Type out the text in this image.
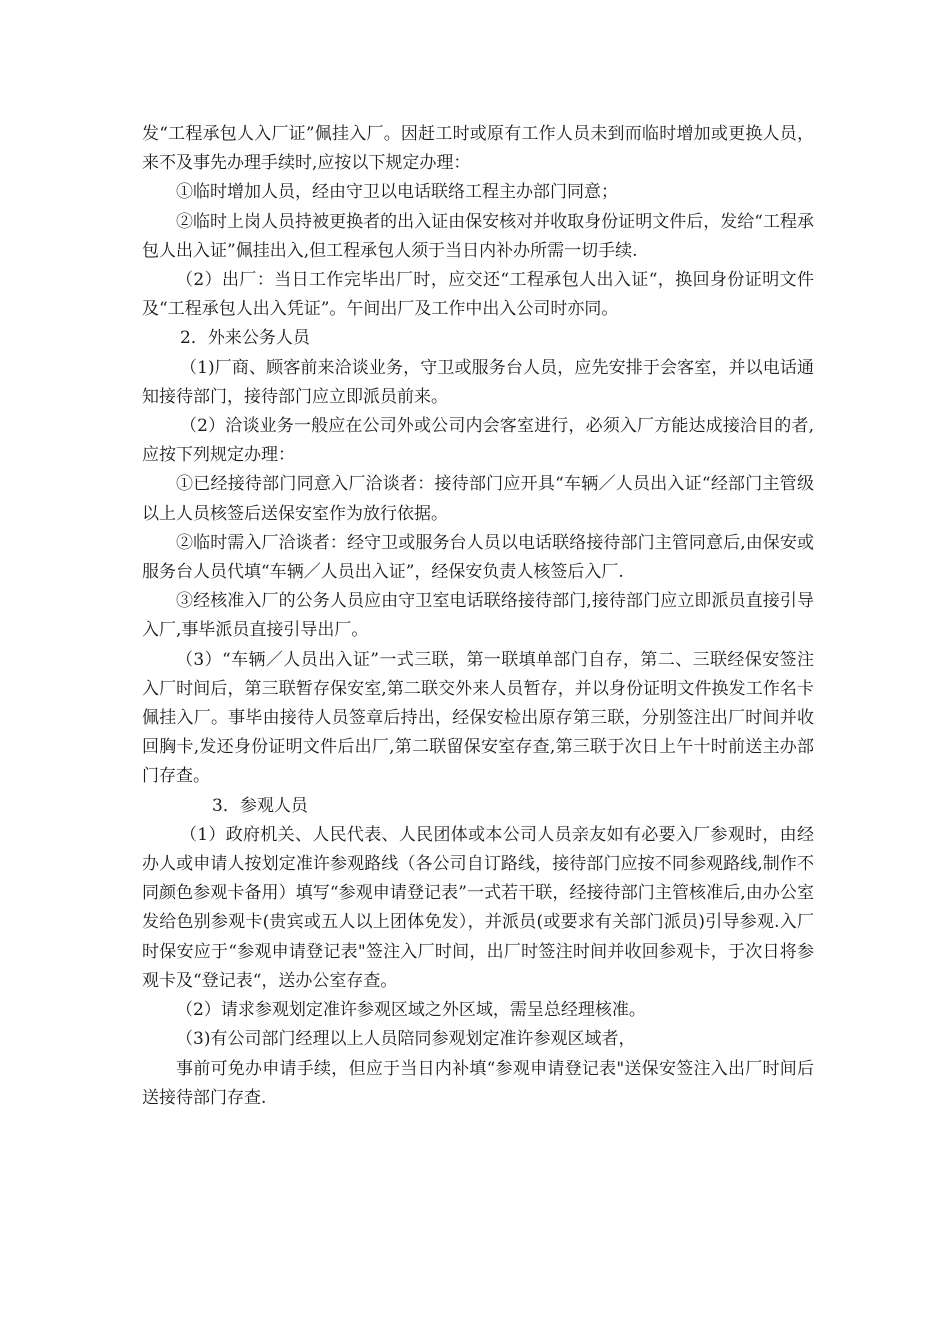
发“工程承包人入厂证”佩挂入厂。因赶工时或原有工作人员未到而临时增加或更换人员，来不及事先办理手续时,应按以下规定办理：

①临时增加人员，经由守卫以电话联络工程主办部门同意；

②临时上岗人员持被更换者的出入证由保安核对并收取身份证明文件后，发给“工程承包人出入证”佩挂出入,但工程承包人须于当日内补办所需一切手续.

（2）出厂：当日工作完毕出厂时，应交还“工程承包人出入证“，换回身份证明文件及“工程承包人出入凭证”。午间出厂及工作中出入公司时亦同。

2．外来公务人员

（1)厂商、顾客前来洽谈业务，守卫或服务台人员，应先安排于会客室，并以电话通知接待部门，接待部门应立即派员前来。

（2）洽谈业务一般应在公司外或公司内会客室进行，必须入厂方能达成接洽目的者,应按下列规定办理：

①已经接待部门同意入厂洽谈者：接待部门应开具“车辆／人员出入证“经部门主管级以上人员核签后送保安室作为放行依据。

②临时需入厂洽谈者：经守卫或服务台人员以电话联络接待部门主管同意后,由保安或服务台人员代填“车辆／人员出入证”，经保安负责人核签后入厂.

③经核准入厂的公务人员应由守卫室电话联络接待部门,接待部门应立即派员直接引导入厂,事毕派员直接引导出厂。

（3）“车辆／人员出入证”一式三联，第一联填单部门自存，第二、三联经保安签注入厂时间后，第三联暂存保安室,第二联交外来人员暂存，并以身份证明文件换发工作名卡佩挂入厂。事毕由接待人员签章后持出，经保安检出原存第三联，分别签注出厂时间并收回胸卡,发还身份证明文件后出厂,第二联留保安室存查,第三联于次日上午十时前送主办部门存查。

3．参观人员

（1）政府机关、人民代表、人民团体或本公司人员亲友如有必要入厂参观时，由经办人或申请人按划定准许参观路线（各公司自订路线，接待部门应按不同参观路线,制作不同颜色参观卡备用）填写“参观申请登记表”一式若干联，经接待部门主管核准后,由办公室发给色别参观卡(贵宾或五人以上团体免发），并派员(或要求有关部门派员)引导参观.入厂时保安应于“参观申请登记表"签注入厂时间，出厂时签注时间并收回参观卡，于次日将参观卡及“登记表“，送办公室存查。

（2）请求参观划定准许参观区域之外区域，需呈总经理核准。

（3)有公司部门经理以上人员陪同参观划定准许参观区域者，

事前可免办申请手续，但应于当日内补填“参观申请登记表"送保安签注入出厂时间后送接待部门存查.
